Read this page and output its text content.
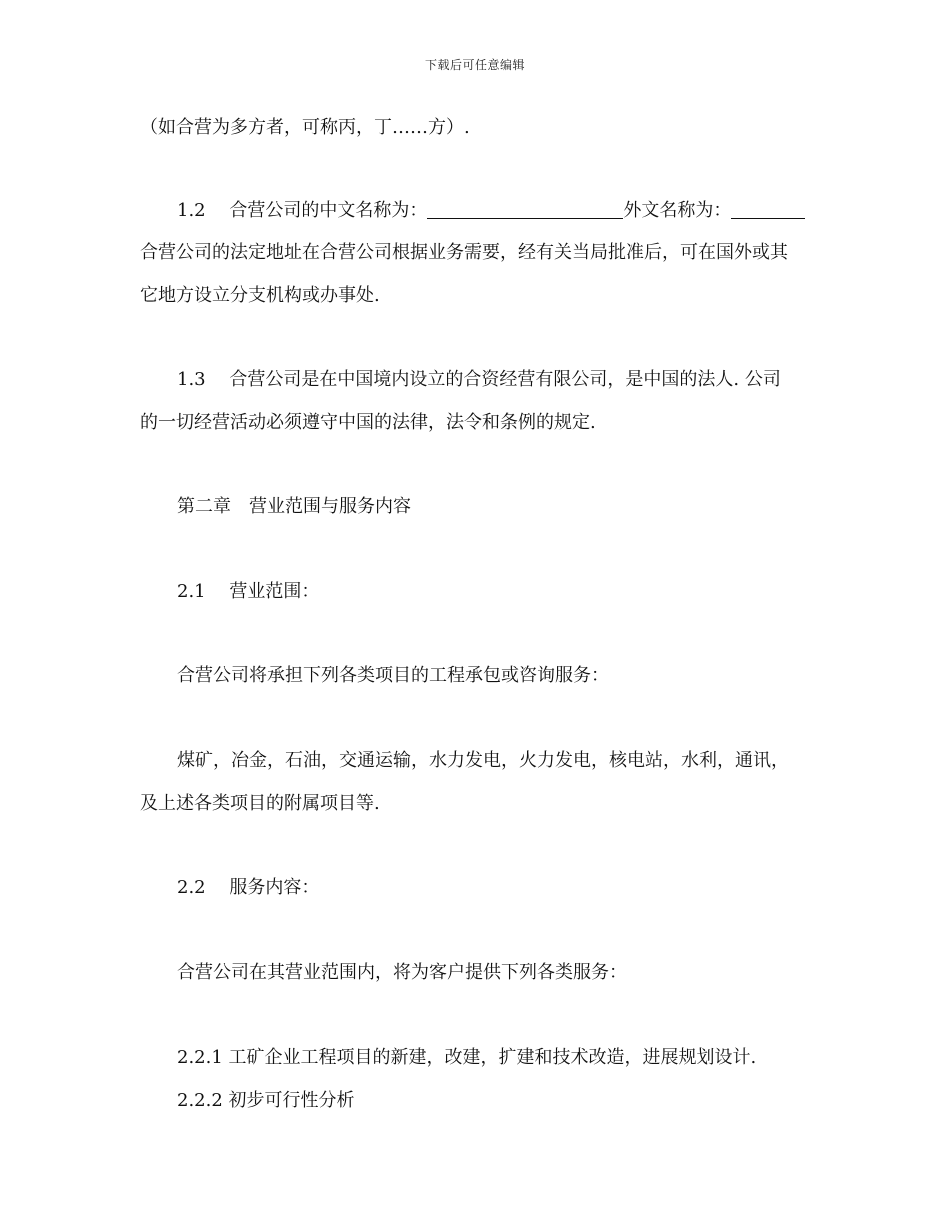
下载后可任意编辑
（如合营为多方者，可称丙，丁……方）.
1.2　 合营公司的中文名称为：	外文名称为：
合营公司的法定地址在合营公司根据业务需要，经有关当局批准后，可在国外或其
它地方设立分支机构或办事处.
1.3　 合营公司是在中国境内设立的合资经营有限公司，是中国的法人. 公司
的一切经营活动必须遵守中国的法律，法令和条例的规定.
第二章　营业范围与服务内容
2.1　 营业范围：
合营公司将承担下列各类项目的工程承包或咨询服务：
煤矿，冶金，石油，交通运输，水力发电，火力发电，核电站，水利，通讯，
及上述各类项目的附属项目等.
2.2　 服务内容：
合营公司在其营业范围内，将为客户提供下列各类服务：
2.2.1 工矿企业工程项目的新建，改建，扩建和技术改造，进展规划设计.
2.2.2 初步可行性分析
